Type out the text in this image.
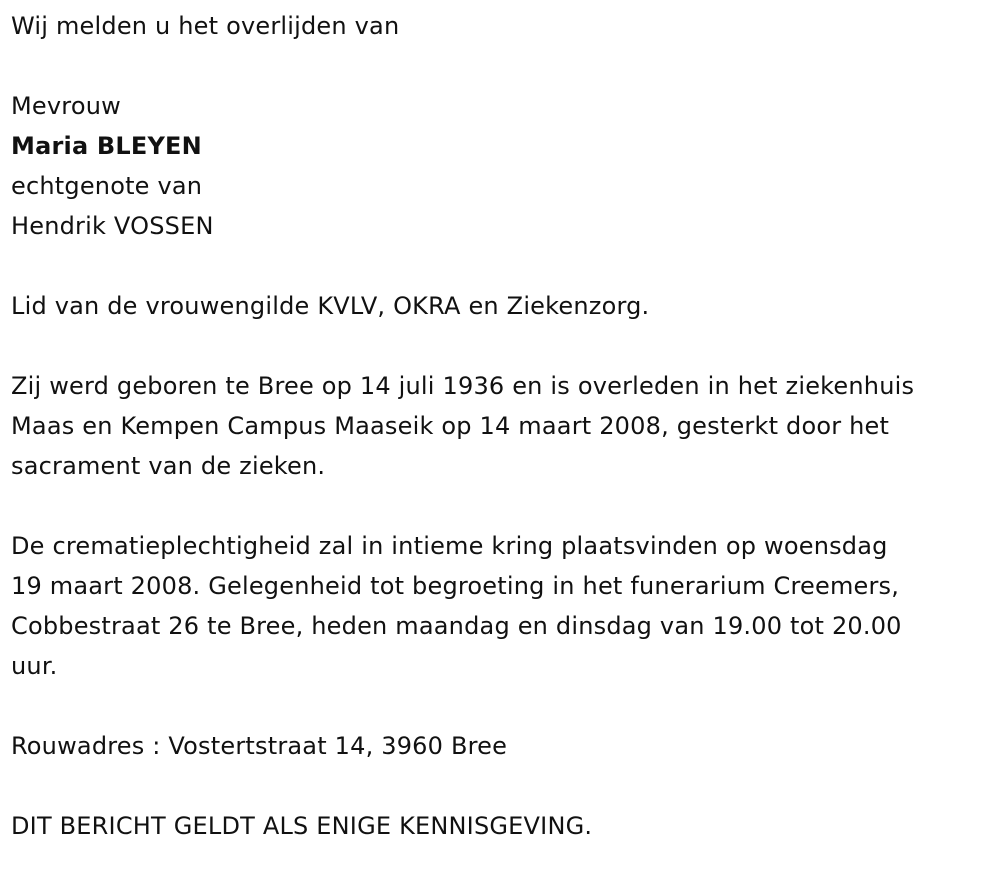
Wij melden u het overlijden van
Mevrouw
Maria BLEYEN
echtgenote van
Hendrik VOSSEN
Lid van de vrouwengilde KVLV, OKRA en Ziekenzorg.
Zij werd geboren te Bree op 14 juli 1936 en is overleden in het ziekenhuis
Maas en Kempen Campus Maaseik op 14 maart 2008, gesterkt door het
sacrament van de zieken.
De crematieplechtigheid zal in intieme kring plaatsvinden op woensdag
19 maart 2008. Gelegenheid tot begroeting in het funerarium Creemers,
Cobbestraat 26 te Bree, heden maandag en dinsdag van 19.00 tot 20.00
uur.
Rouwadres : Vostertstraat 14, 3960 Bree
DIT BERICHT GELDT ALS ENIGE KENNISGEVING.
